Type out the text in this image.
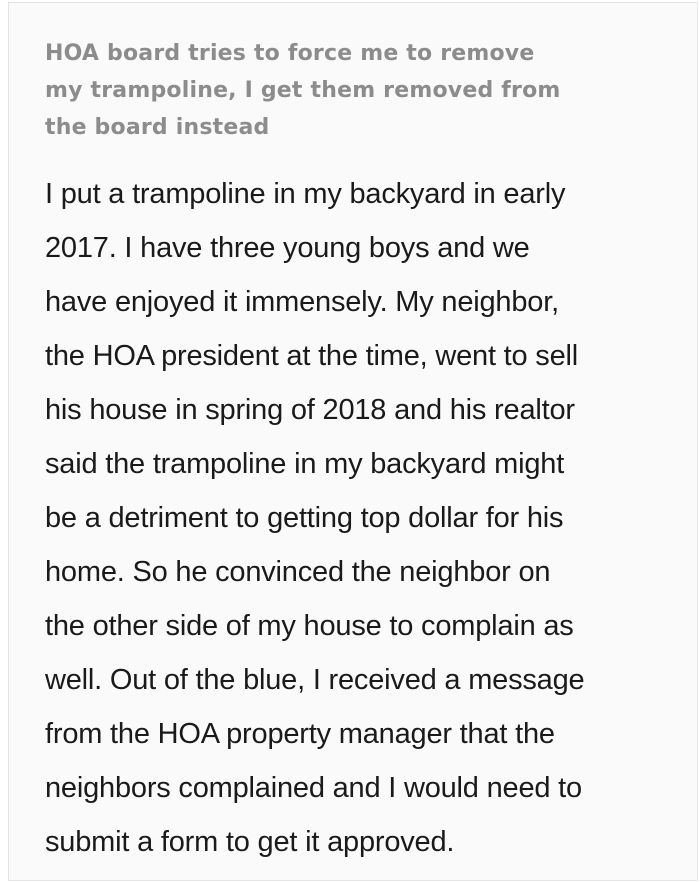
HOA board tries to force me to remove
my trampoline, I get them removed from
the board instead

I put a trampoline in my backyard in early
2017. I have three young boys and we
have enjoyed it immensely. My neighbor,
the HOA president at the time, went to sell
his house in spring of 2018 and his realtor
said the trampoline in my backyard might
be a detriment to getting top dollar for his
home. So he convinced the neighbor on
the other side of my house to complain as
well. Out of the blue, I received a message
from the HOA property manager that the
neighbors complained and I would need to
submit a form to get it approved.
